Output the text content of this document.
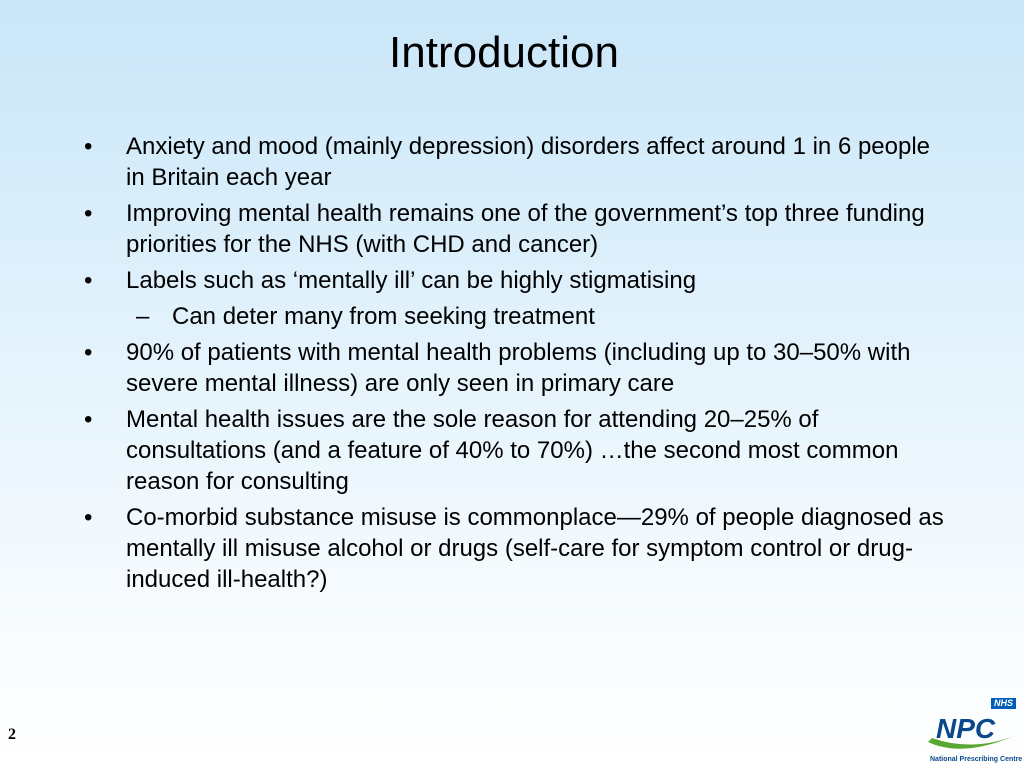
Introduction
•	Anxiety and mood (mainly depression) disorders affect around 1 in 6 people in Britain each year
•	Improving mental health remains one of the government’s top three funding priorities for the NHS (with CHD and cancer)
•	Labels such as ‘mentally ill’ can be highly stigmatising
– Can deter many from seeking treatment
•	90% of patients with mental health problems (including up to 30–50% with severe mental illness) are only seen in primary care
•	Mental health issues are the sole reason for attending 20–25% of consultations (and a feature of 40% to 70%) …the second most common reason for consulting
•	Co-morbid substance misuse is commonplace—29% of people diagnosed as mentally ill misuse alcohol or drugs (self-care for symptom control or drug-induced ill-health?)
2
NHS
NPC
National Prescribing Centre
